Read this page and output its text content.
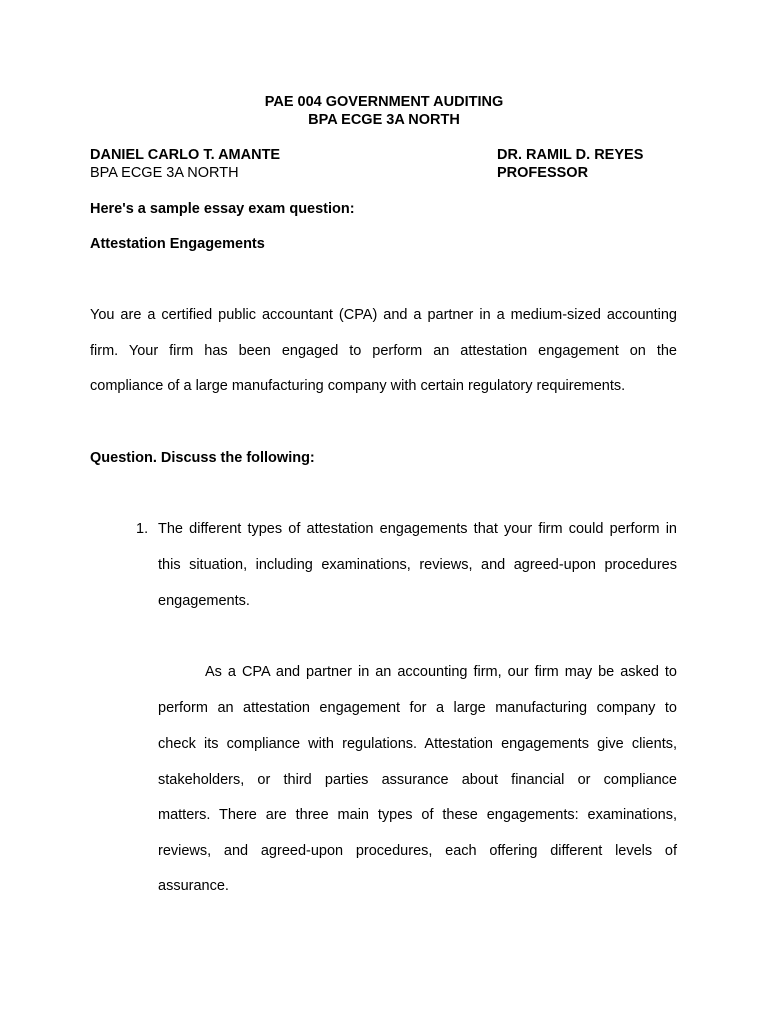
PAE 004 GOVERNMENT AUDITING

BPA ECGE 3A NORTH

DANIEL CARLO T. AMANTE

BPA ECGE 3A NORTH

DR. RAMIL D. REYES

PROFESSOR

Here's a sample essay exam question:

Attestation Engagements

You are a certified public accountant (CPA) and a partner in a medium-sized accounting

firm. Your firm has been engaged to perform an attestation engagement on the

compliance of a large manufacturing company with certain regulatory requirements.

Question. Discuss the following:

1. The different types of attestation engagements that your firm could perform in

this situation, including examinations, reviews, and agreed-upon procedures

engagements.

As a CPA and partner in an accounting firm, our firm may be asked to

perform an attestation engagement for a large manufacturing company to

check its compliance with regulations. Attestation engagements give clients,

stakeholders, or third parties assurance about financial or compliance

matters. There are three main types of these engagements: examinations,

reviews, and agreed-upon procedures, each offering different levels of

assurance.
